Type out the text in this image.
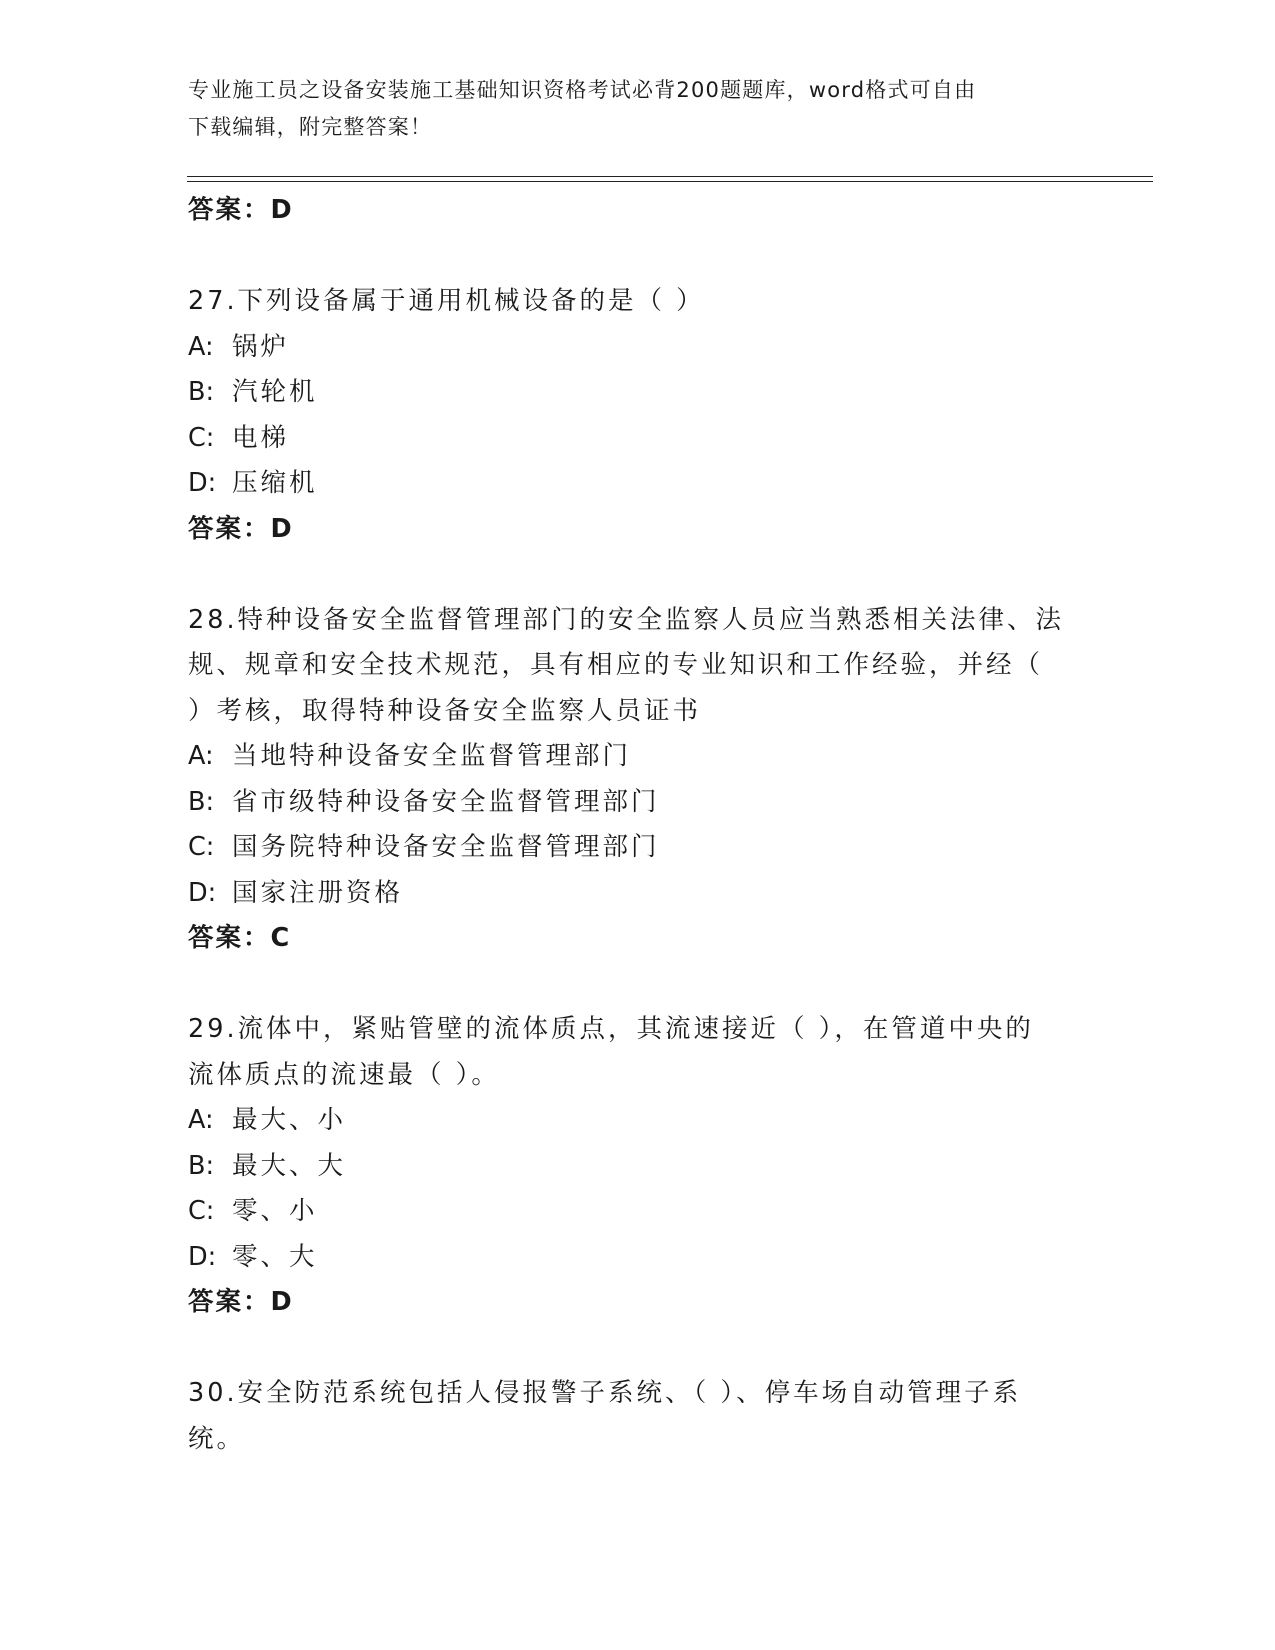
专业施工员之设备安装施工基础知识资格考试必背200题题库，word格式可自由
下载编辑，附完整答案！
答案：D
27.下列设备属于通用机械设备的是（ ）
A: 锅炉
B: 汽轮机
C: 电梯
D: 压缩机
答案：D
28.特种设备安全监督管理部门的安全监察人员应当熟悉相关法律、法
规、规章和安全技术规范，具有相应的专业知识和工作经验，并经（
）考核，取得特种设备安全监察人员证书
A: 当地特种设备安全监督管理部门
B: 省市级特种设备安全监督管理部门
C: 国务院特种设备安全监督管理部门
D: 国家注册资格
答案：C
29.流体中，紧贴管壁的流体质点，其流速接近（ ），在管道中央的
流体质点的流速最（ ）。
A: 最大、小
B: 最大、大
C: 零、小
D: 零、大
答案：D
30.安全防范系统包括人侵报警子系统、（ ）、停车场自动管理子系
统。
